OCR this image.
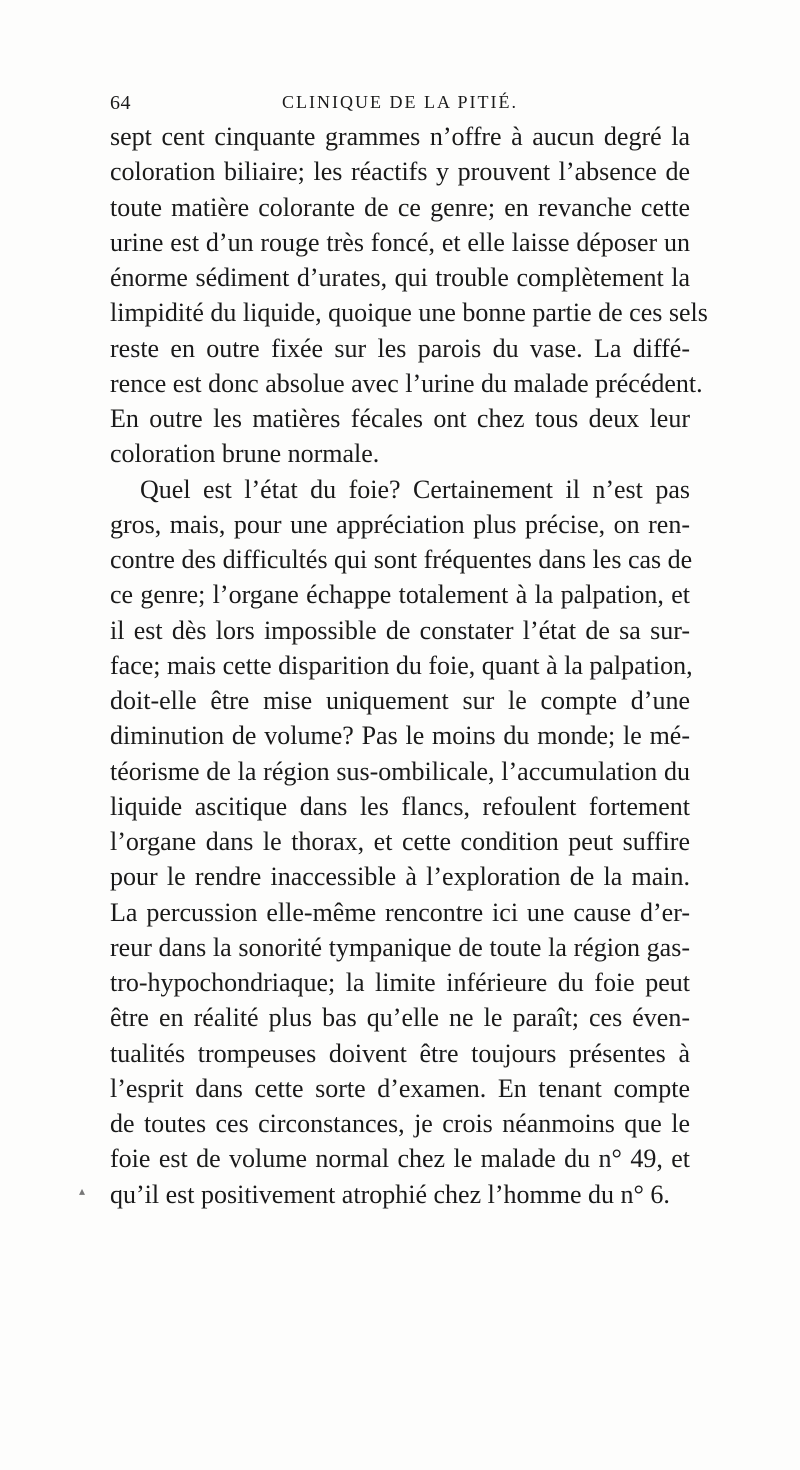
64	CLINIQUE DE LA PITIÉ.
sept cent cinquante grammes n’offre à aucun degré la
coloration biliaire; les réactifs y prouvent l’absence de
toute matière colorante de ce genre; en revanche cette
urine est d’un rouge très foncé, et elle laisse déposer un
énorme sédiment d’urates, qui trouble complètement la
limpidité du liquide, quoique une bonne partie de ces sels
reste en outre fixée sur les parois du vase. La diffé-
rence est donc absolue avec l’urine du malade précédent.
En outre les matières fécales ont chez tous deux leur
coloration brune normale.
Quel est l’état du foie? Certainement il n’est pas
gros, mais, pour une appréciation plus précise, on ren-
contre des difficultés qui sont fréquentes dans les cas de
ce genre; l’organe échappe totalement à la palpation, et
il est dès lors impossible de constater l’état de sa sur-
face; mais cette disparition du foie, quant à la palpation,
doit-elle être mise uniquement sur le compte d’une
diminution de volume? Pas le moins du monde; le mé-
téorisme de la région sus-ombilicale, l’accumulation du
liquide ascitique dans les flancs, refoulent fortement
l’organe dans le thorax, et cette condition peut suffire
pour le rendre inaccessible à l’exploration de la main.
La percussion elle-même rencontre ici une cause d’er-
reur dans la sonorité tympanique de toute la région gas-
tro-hypochondriaque; la limite inférieure du foie peut
être en réalité plus bas qu’elle ne le paraît; ces éven-
tualités trompeuses doivent être toujours présentes à
l’esprit dans cette sorte d’examen. En tenant compte
de toutes ces circonstances, je crois néanmoins que le
foie est de volume normal chez le malade du n° 49, et
qu’il est positivement atrophié chez l’homme du n° 6.
▴
